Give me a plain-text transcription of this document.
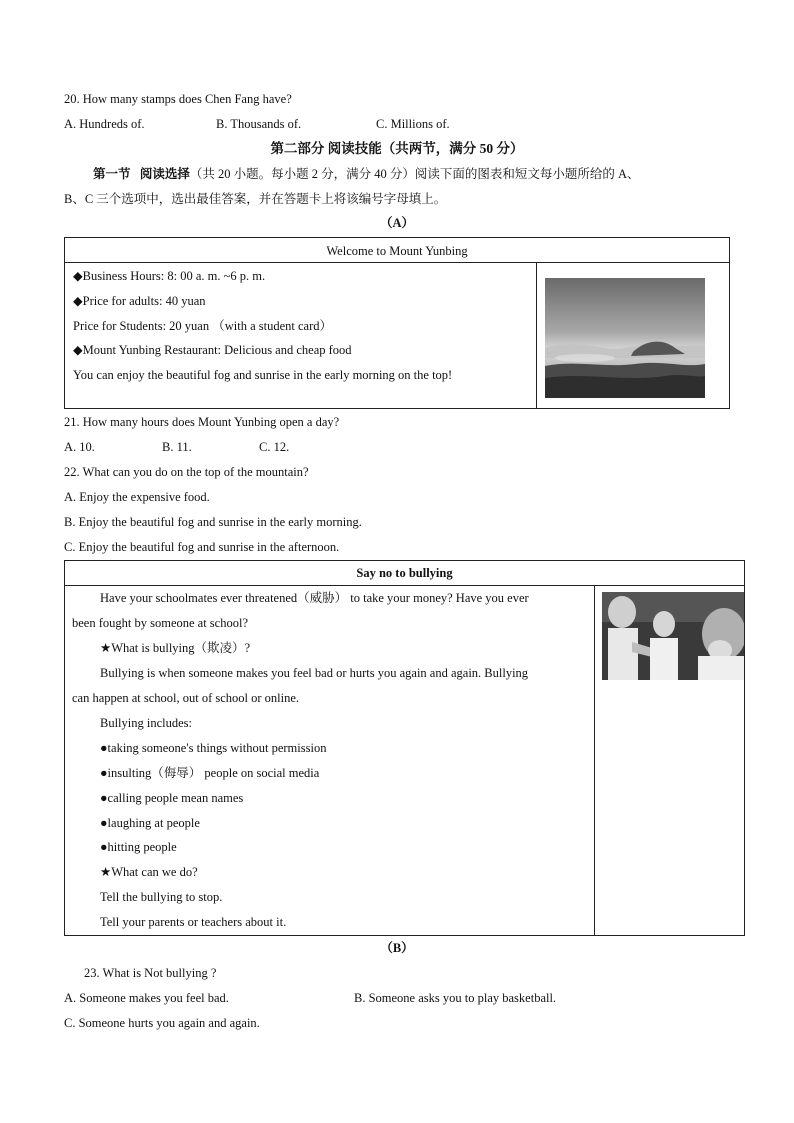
20. How many stamps does Chen Fang have?
A. Hundreds of.	B. Thousands of.	C. Millions of.
第二部分 阅读技能（共两节，满分 50 分）
第一节 阅读选择（共 20 小题。每小题 2 分，满分 40 分）阅读下面的图表和短文每小题所给的 A、
B、C 三个选项中，选出最佳答案，并在答题卡上将该编号字母填上。
（A）
Welcome to Mount Yunbing
◆Business Hours: 8: 00 a. m. ~6 p. m.
◆Price for adults: 40 yuan
Price for Students: 20 yuan （with a student card）
◆Mount Yunbing Restaurant: Delicious and cheap food
You can enjoy the beautiful fog and sunrise in the early morning on the top!
21. How many hours does Mount Yunbing open a day?
A. 10.	B. 11.	C. 12.
22. What can you do on the top of the mountain?
A. Enjoy the expensive food.
B. Enjoy the beautiful fog and sunrise in the early morning.
C. Enjoy the beautiful fog and sunrise in the afternoon.
Say no to bullying
Have your schoolmates ever threatened（威胁） to take your money? Have you ever
been fought by someone at school?
★What is bullying（欺凌）?
Bullying is when someone makes you feel bad or hurts you again and again. Bullying
can happen at school, out of school or online.
Bullying includes:
●taking someone's things without permission
●insulting（侮辱） people on social media
●calling people mean names
●laughing at people
●hitting people
★What can we do?
Tell the bullying to stop.
Tell your parents or teachers about it.
（B）
23. What is Not bullying ?
A. Someone makes you feel bad.	B. Someone asks you to play basketball.
C. Someone hurts you again and again.
